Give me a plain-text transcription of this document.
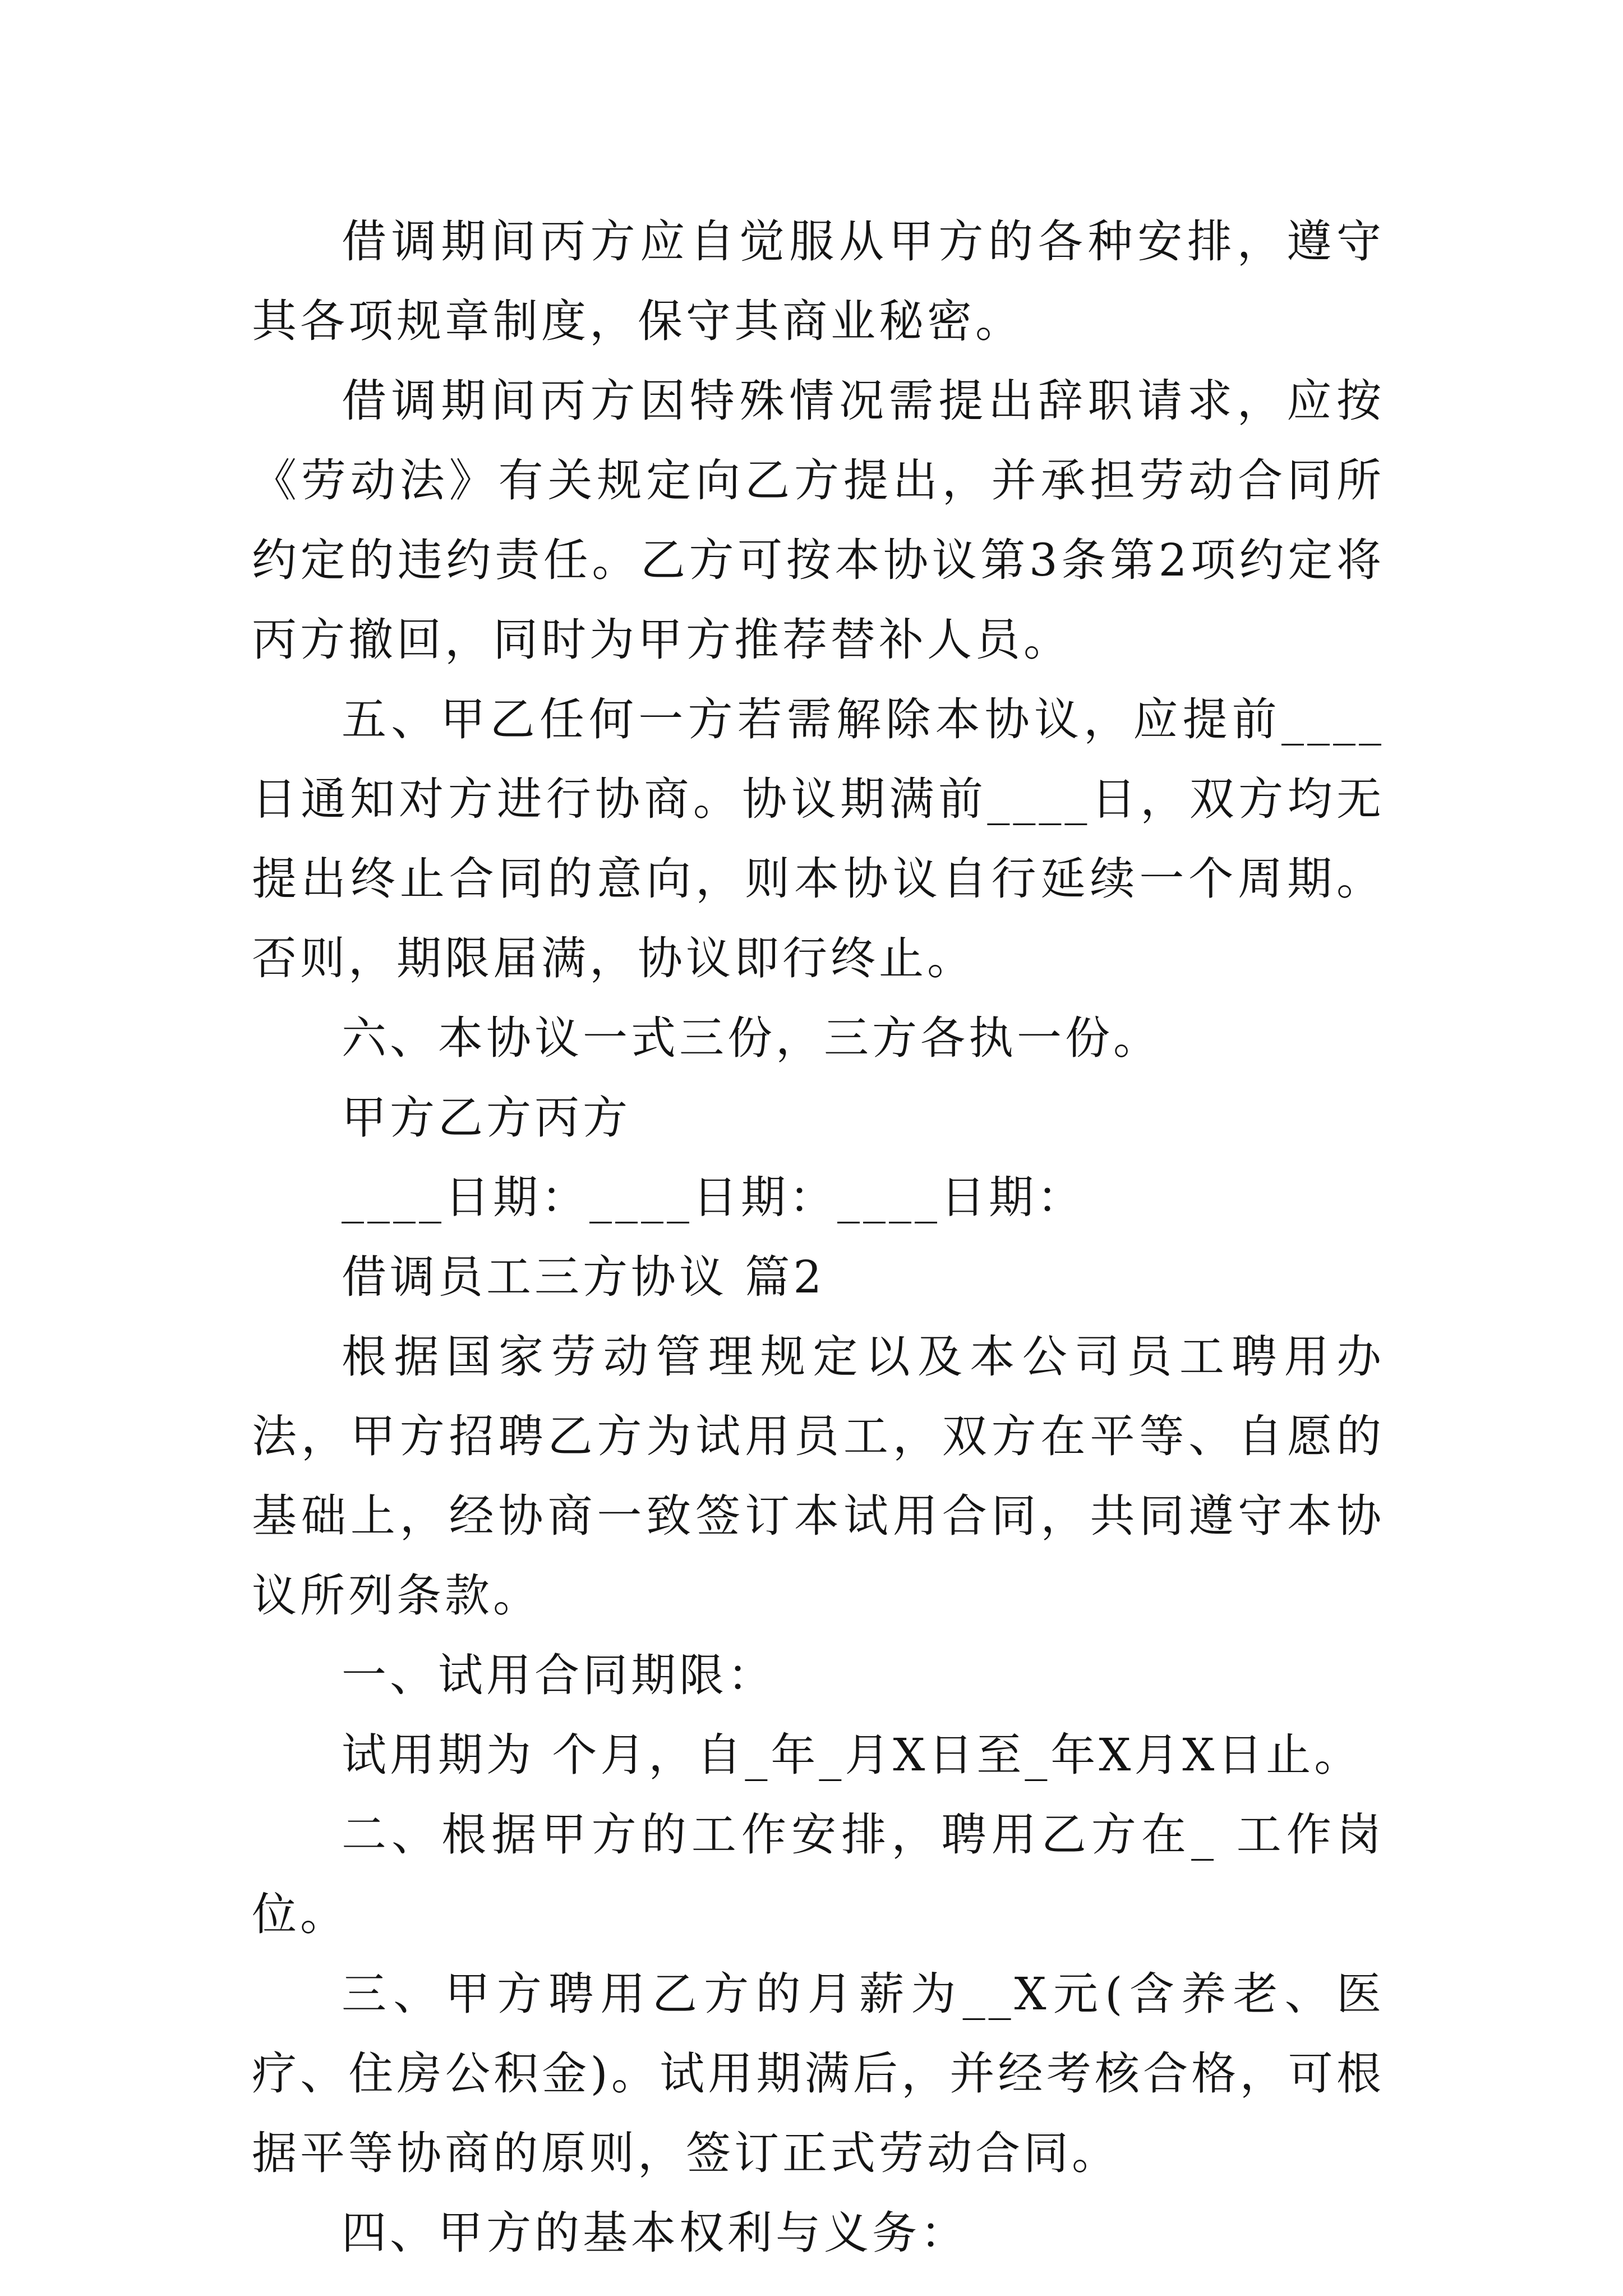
借调期间丙方应自觉服从甲方的各种安排，遵守其各项规章制度，保守其商业秘密。

借调期间丙方因特殊情况需提出辞职请求，应按《劳动法》有关规定向乙方提出，并承担劳动合同所约定的违约责任。乙方可按本协议第3条第2项约定将丙方撤回，同时为甲方推荐替补人员。

五、甲乙任何一方若需解除本协议，应提前____日通知对方进行协商。协议期满前____日，双方均无提出终止合同的意向，则本协议自行延续一个周期。否则，期限届满，协议即行终止。

六、本协议一式三份，三方各执一份。

甲方乙方丙方

____日期：____日期：____日期：

借调员工三方协议 篇2

根据国家劳动管理规定以及本公司员工聘用办法，甲方招聘乙方为试用员工，双方在平等、自愿的基础上，经协商一致签订本试用合同，共同遵守本协议所列条款。

一、试用合同期限：

试用期为 个月，自_年_月X日至_年X月X日止。

二、根据甲方的工作安排，聘用乙方在_ 工作岗位。

三、甲方聘用乙方的月薪为__X元(含养老、医疗、住房公积金)。试用期满后，并经考核合格，可根据平等协商的原则，签订正式劳动合同。

四、甲方的基本权利与义务：
